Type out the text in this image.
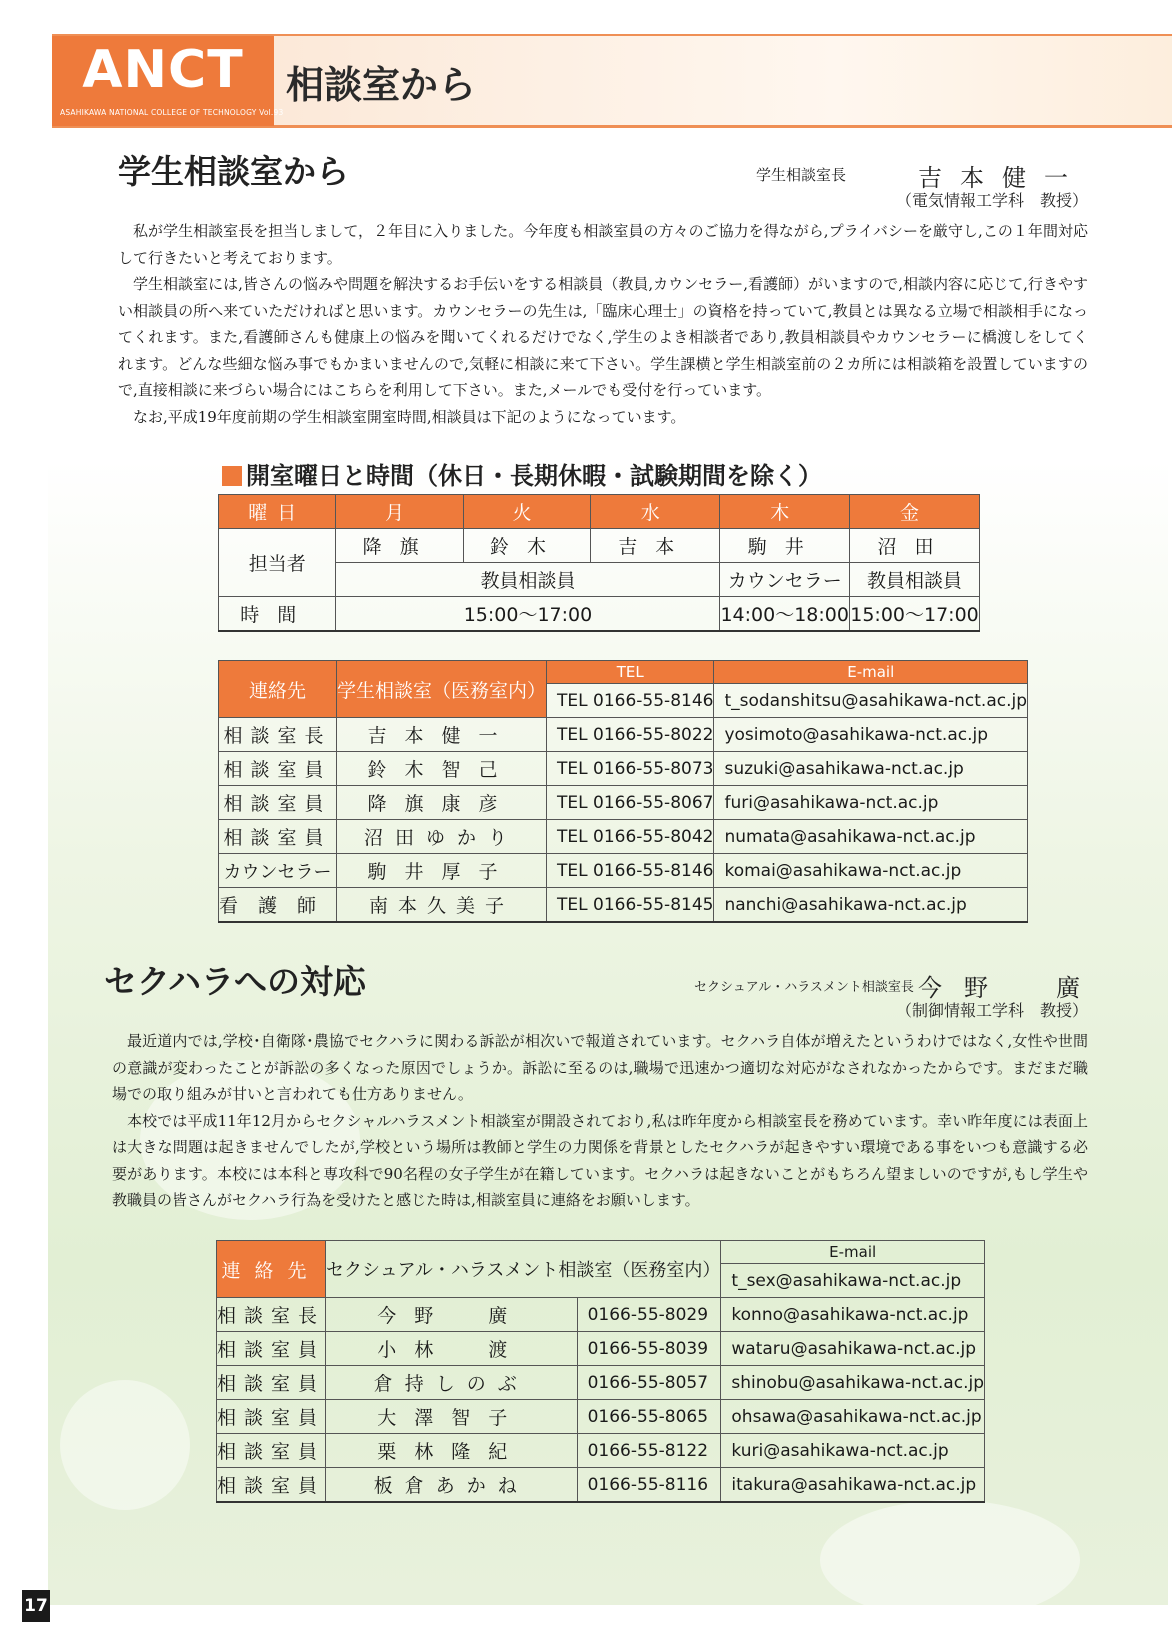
ANCT
ASAHIKAWA NATIONAL COLLEGE OF TECHNOLOGY Vol.93
相談室から
学生相談室から	学生相談室長	吉本健一
（電気情報工学科　教授）

私が学生相談室長を担当しまして，２年目に入りました。今年度も相談室員の方々のご協力を得ながら,プライバシーを厳守し,この１年間対応して行きたいと考えております。

学生相談室には,皆さんの悩みや問題を解決するお手伝いをする相談員（教員,カウンセラー,看護師）がいますので,相談内容に応じて,行きやすい相談員の所へ来ていただければと思います。カウンセラーの先生は,「臨床心理士」の資格を持っていて,教員とは異なる立場で相談相手になってくれます。また,看護師さんも健康上の悩みを聞いてくれるだけでなく,学生のよき相談者であり,教員相談員やカウンセラーに橋渡しをしてくれます。どんな些細な悩み事でもかまいませんので,気軽に相談に来て下さい。学生課横と学生相談室前の２カ所には相談箱を設置していますので,直接相談に来づらい場合にはこちらを利用して下さい。また,メールでも受付を行っています。

なお,平成19年度前期の学生相談室開室時間,相談員は下記のようになっています。

開室曜日と時間（休日・長期休暇・試験期間を除く）
曜日	月	火	水	木	金
担当者	降旗	鈴木	吉本	駒井	沼田
	教員相談員			カウンセラー	教員相談員
時間	15:00〜17:00			14:00〜18:00	15:00〜17:00
連絡先	学生相談室（医務室内）	TEL	E-mail
		TEL 0166-55-8146	t_sodanshitsu@asahikawa-nct.ac.jp
相談室長	吉本健一	TEL 0166-55-8022	yosimoto@asahikawa-nct.ac.jp
相談室員	鈴木智己	TEL 0166-55-8073	suzuki@asahikawa-nct.ac.jp
相談室員	降旗康彦	TEL 0166-55-8067	furi@asahikawa-nct.ac.jp
相談室員	沼田ゆかり	TEL 0166-55-8042	numata@asahikawa-nct.ac.jp
カウンセラー	駒井厚子	TEL 0166-55-8146	komai@asahikawa-nct.ac.jp
看護師	南本久美子	TEL 0166-55-8145	nanchi@asahikawa-nct.ac.jp
セクハラへの対応	セクシュアル・ハラスメント相談室長 今野　廣
（制御情報工学科　教授）

最近道内では,学校･自衛隊･農協でセクハラに関わる訴訟が相次いで報道されています。セクハラ自体が増えたというわけではなく,女性や世間の意識が変わったことが訴訟の多くなった原因でしょうか。訴訟に至るのは,職場で迅速かつ適切な対応がなされなかったからです。まだまだ職場での取り組みが甘いと言われても仕方ありません。

本校では平成11年12月からセクシャルハラスメント相談室が開設されており,私は昨年度から相談室長を務めています。幸い昨年度には表面上は大きな問題は起きませんでしたが,学校という場所は教師と学生の力関係を背景としたセクハラが起きやすい環境である事をいつも意識する必要があります。本校には本科と専攻科で90名程の女子学生が在籍しています。セクハラは起きないことがもちろん望ましいのですが,もし学生や教職員の皆さんがセクハラ行為を受けたと感じた時は,相談室員に連絡をお願いします。

連絡先	セクシュアル・ハラスメント相談室（医務室内）		E-mail
			t_sex@asahikawa-nct.ac.jp
相談室長	今野　廣	0166-55-8029	konno@asahikawa-nct.ac.jp
相談室員	小林　渡	0166-55-8039	wataru@asahikawa-nct.ac.jp
相談室員	倉持しのぶ	0166-55-8057	shinobu@asahikawa-nct.ac.jp
相談室員	大澤智子	0166-55-8065	ohsawa@asahikawa-nct.ac.jp
相談室員	栗林隆紀	0166-55-8122	kuri@asahikawa-nct.ac.jp
相談室員	板倉あかね	0166-55-8116	itakura@asahikawa-nct.ac.jp
17
